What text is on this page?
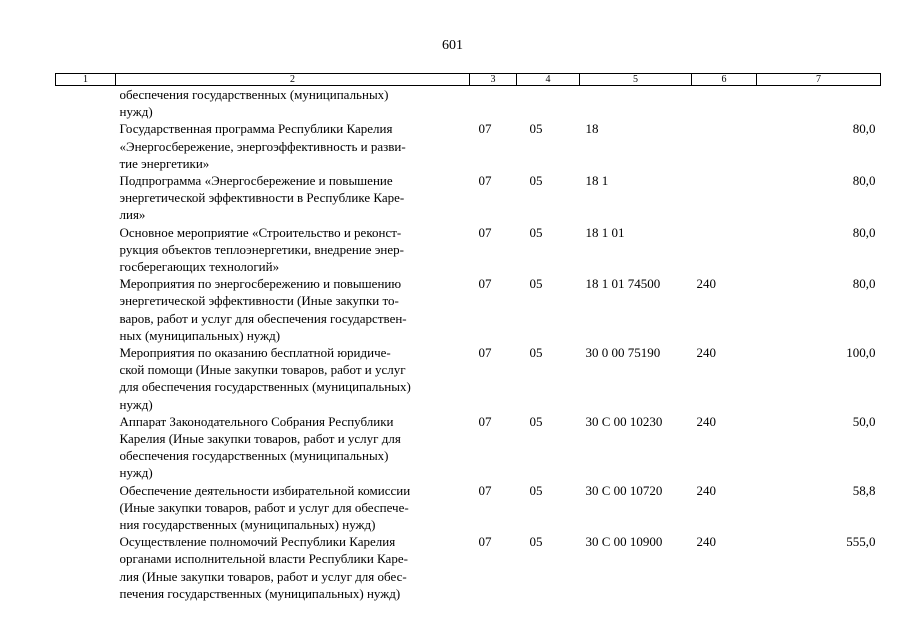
601
1	2	3	4	5	6	7
	обеспечения государственных (муниципальных)
нужд)					
	Государственная программа Республики Карелия
«Энергосбережение, энергоэффективность и разви-
тие энергетики»	07	05	18		80,0
	Подпрограмма «Энергосбережение и повышение
энергетической эффективности в Республике Каре-
лия»	07	05	18 1		80,0
	Основное мероприятие «Строительство и реконст-
рукция объектов теплоэнергетики, внедрение энер-
госберегающих технологий»	07	05	18 1 01		80,0
	Мероприятия по энергосбережению и повышению
энергетической эффективности (Иные закупки то-
варов, работ и услуг для обеспечения государствен-
ных (муниципальных) нужд)	07	05	18 1 01 74500	240	80,0
	Мероприятия по оказанию бесплатной юридиче-
ской помощи (Иные закупки товаров, работ и услуг
для обеспечения государственных (муниципальных)
нужд)	07	05	30 0 00 75190	240	100,0
	Аппарат Законодательного Собрания Республики
Карелия (Иные закупки товаров, работ и услуг для
обеспечения государственных (муниципальных)
нужд)	07	05	30 С 00 10230	240	50,0
	Обеспечение деятельности избирательной комиссии
(Иные закупки товаров, работ и услуг для обеспече-
ния государственных (муниципальных) нужд)	07	05	30 С 00 10720	240	58,8
	Осуществление полномочий Республики Карелия
органами исполнительной власти Республики Каре-
лия (Иные закупки товаров, работ и услуг для обес-
печения государственных (муниципальных) нужд)	07	05	30 С 00 10900	240	555,0
